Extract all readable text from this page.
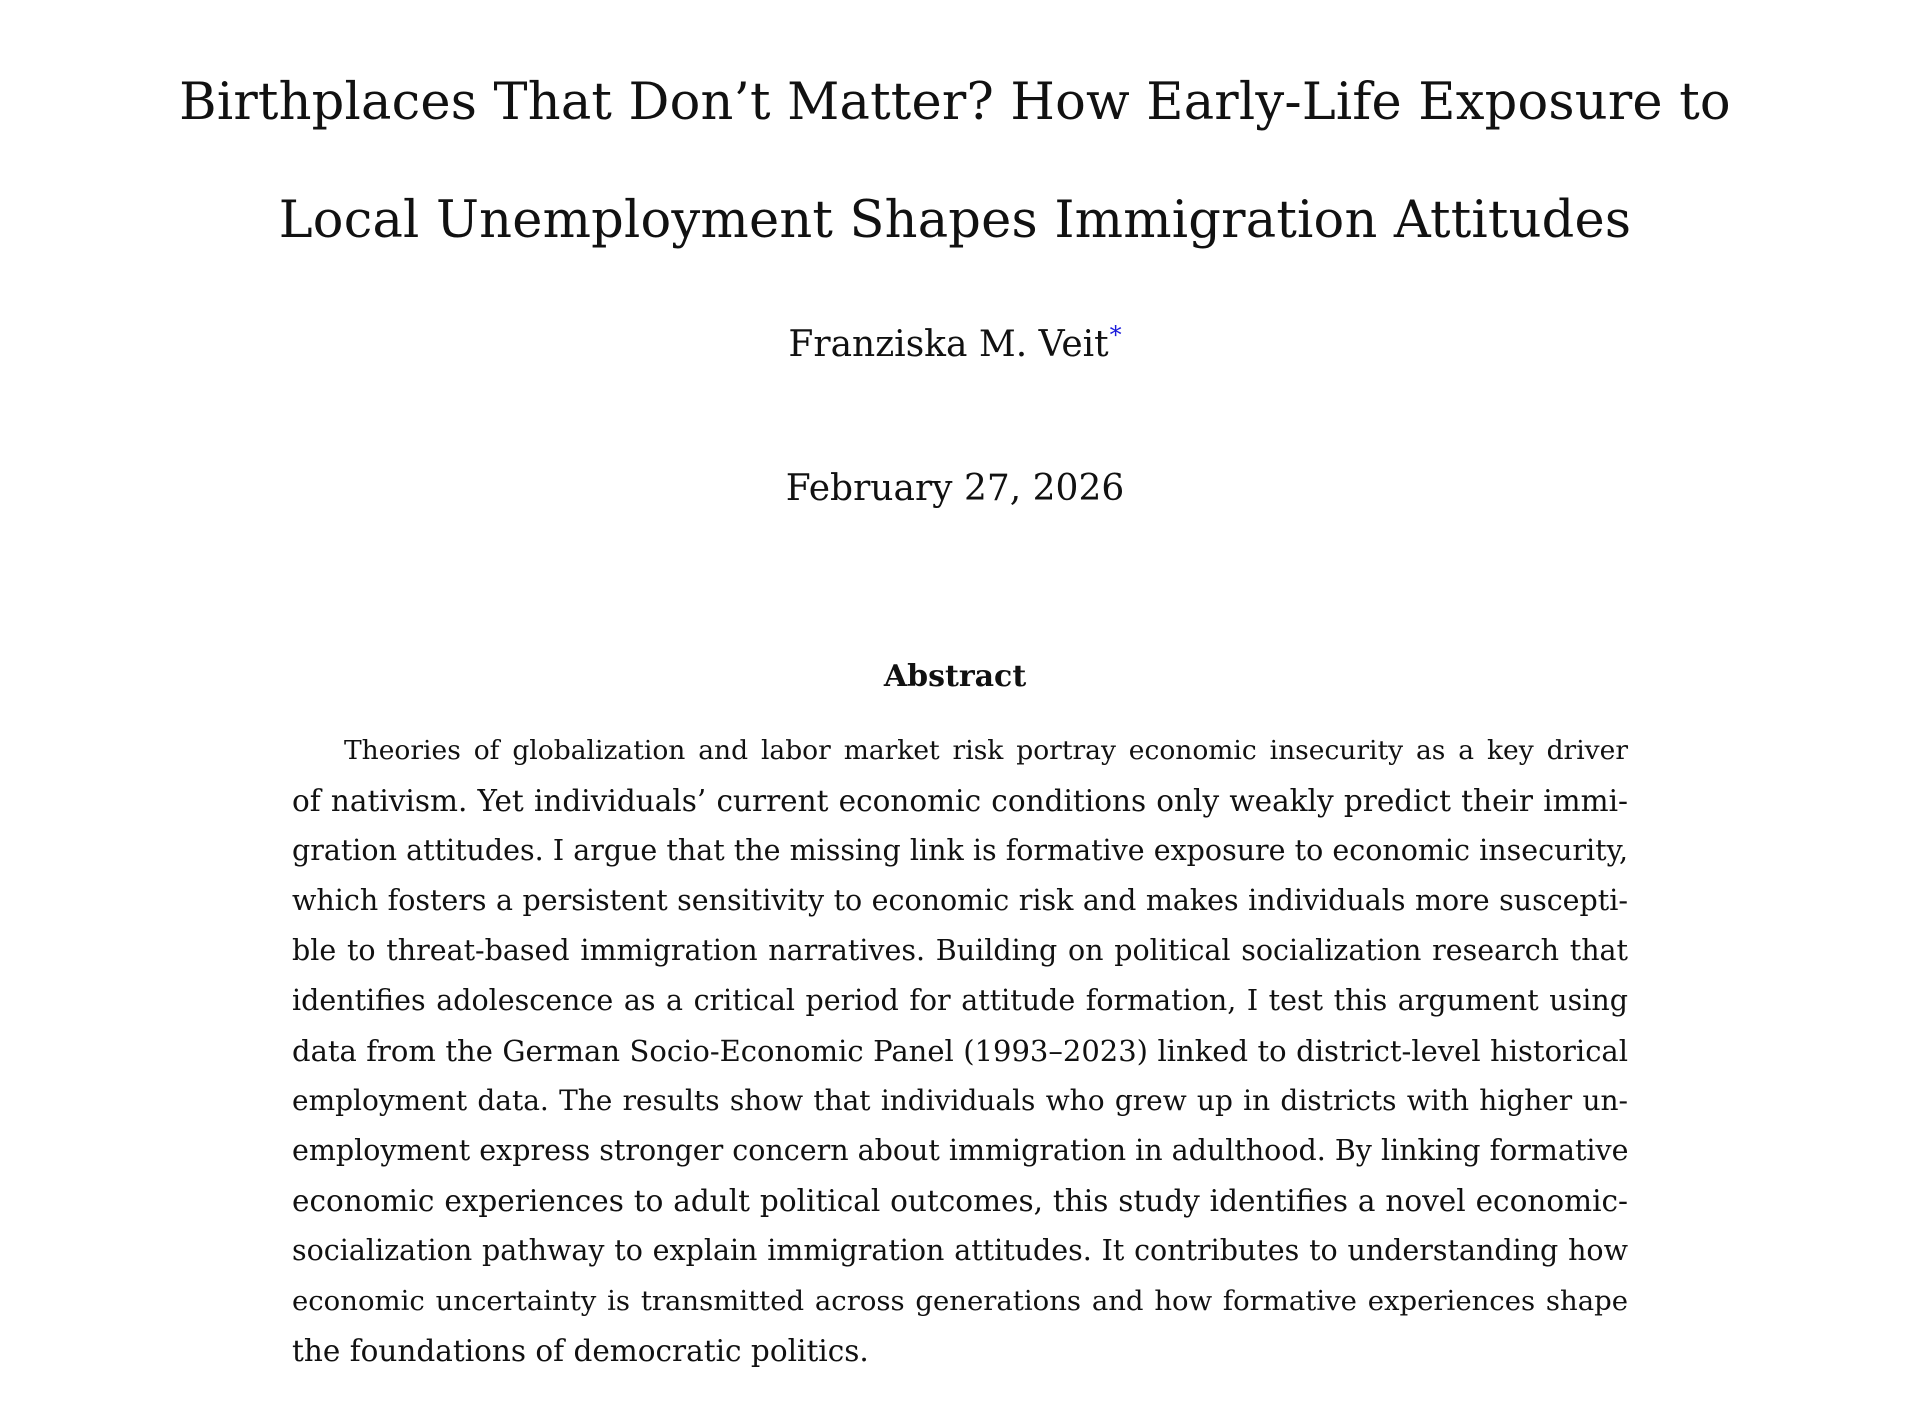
Birthplaces That Don’t Matter? How Early-Life Exposure to
Local Unemployment Shapes Immigration Attitudes
Franziska M. Veit*
February 27, 2026
Abstract
Theories of globalization and labor market risk portray economic insecurity as a key driver
of nativism. Yet individuals’ current economic conditions only weakly predict their immi-
gration attitudes. I argue that the missing link is formative exposure to economic insecurity,
which fosters a persistent sensitivity to economic risk and makes individuals more suscepti-
ble to threat-based immigration narratives. Building on political socialization research that
identifies adolescence as a critical period for attitude formation, I test this argument using
data from the German Socio-Economic Panel (1993–2023) linked to district-level historical
employment data. The results show that individuals who grew up in districts with higher un-
employment express stronger concern about immigration in adulthood. By linking formative
economic experiences to adult political outcomes, this study identifies a novel economic-
socialization pathway to explain immigration attitudes. It contributes to understanding how
economic uncertainty is transmitted across generations and how formative experiences shape
the foundations of democratic politics.
